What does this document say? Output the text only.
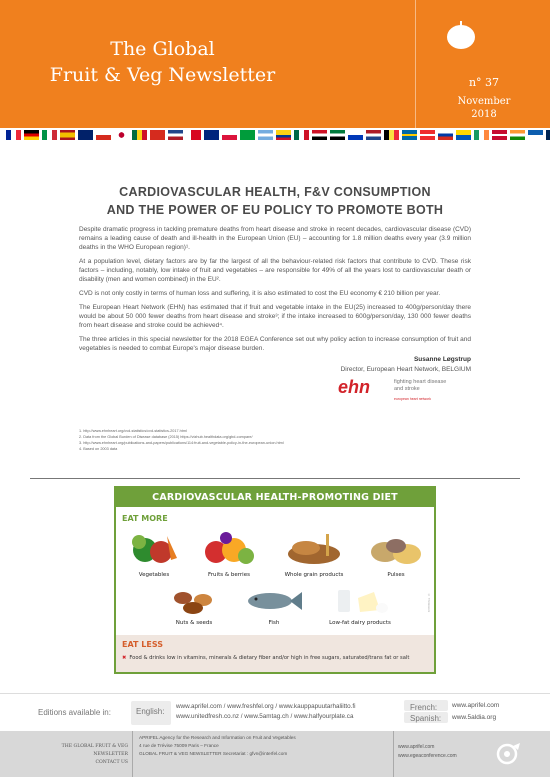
The Global
Fruit & Veg Newsletter	n° 37
November
2018
CARDIOVASCULAR HEALTH, F&V CONSUMPTION
AND THE POWER OF EU POLICY TO PROMOTE BOTH

Despite dramatic progress in tackling premature deaths from heart disease and stroke in recent decades, cardiovascular disease (CVD) remains a leading cause of death and ill-health in the European Union (EU) – accounting for 1.8 million deaths every year (3.9 million deaths in the WHO European region)¹.

At a population level, dietary factors are by far the largest of all the behaviour-related risk factors that contribute to CVD. These risk factors – including, notably, low intake of fruit and vegetables – are responsible for 49% of all the years lost to cardiovascular death or disability (men and women combined) in the EU².

CVD is not only costly in terms of human loss and suffering, it is also estimated to cost the EU economy € 210 billion per year.

The European Heart Network (EHN) has estimated that if fruit and vegetable intake in the EU(25) increased to 400g/person/day there would be about 50 000 fewer deaths from heart disease and stroke³; if the intake increased to 600g/person/day, 130 000 fewer deaths from heart disease and stroke could be achieved⁴.

The three articles in this special newsletter for the 2018 EGEA Conference set out why policy action to increase consumption of fruit and vegetables is needed to combat Europe's major disease burden.

Susanne Løgstrup
Director, European Heart Network, BELGIUM
ehn	fighting heart disease
and stroke
european heart network
1. http://www.ehnheart.org/cvd-statistics/cvd-statistics-2017.html
2. Data from the Global Burden of Disease database (2015) https://vizhub.healthdata.org/gbd-compare/
3. http://www.ehnheart.org/publications-and-papers/publications/114:fruit-and-vegetable-policy-in-the-european-union.html
4. Based on 2003 data
CARDIOVASCULAR HEALTH-PROMOTING DIET
EAT MORE
Vegetables	Fruits & berries	Whole grain products	Pulses
Nuts & seeds	Fish	Low-fat dairy products
© Thinkstock
EAT LESS
✖ Food & drinks low in vitamins, minerals & dietary fiber and/or high in free sugars, saturated/trans fat or salt
Editions available in:	English:
www.aprifel.com / www.freshfel.org / www.kauppapuutarhaliitto.fi
www.unitedfresh.co.nz / www.5amtag.ch / www.halfyourplate.ca
French:
Spanish:
www.aprifel.com
www.5aldia.org
THE GLOBAL FRUIT & VEG NEWSLETTER
CONTACT US
APRIFEL Agency for the Research and Information on Fruit and Vegetables
4 rue de Trévise 75009 Paris – France
GLOBAL FRUIT & VEG NEWSLETTER Secretariat : gfvn@interfel.com
www.aprifel.com
www.egeaconference.com
